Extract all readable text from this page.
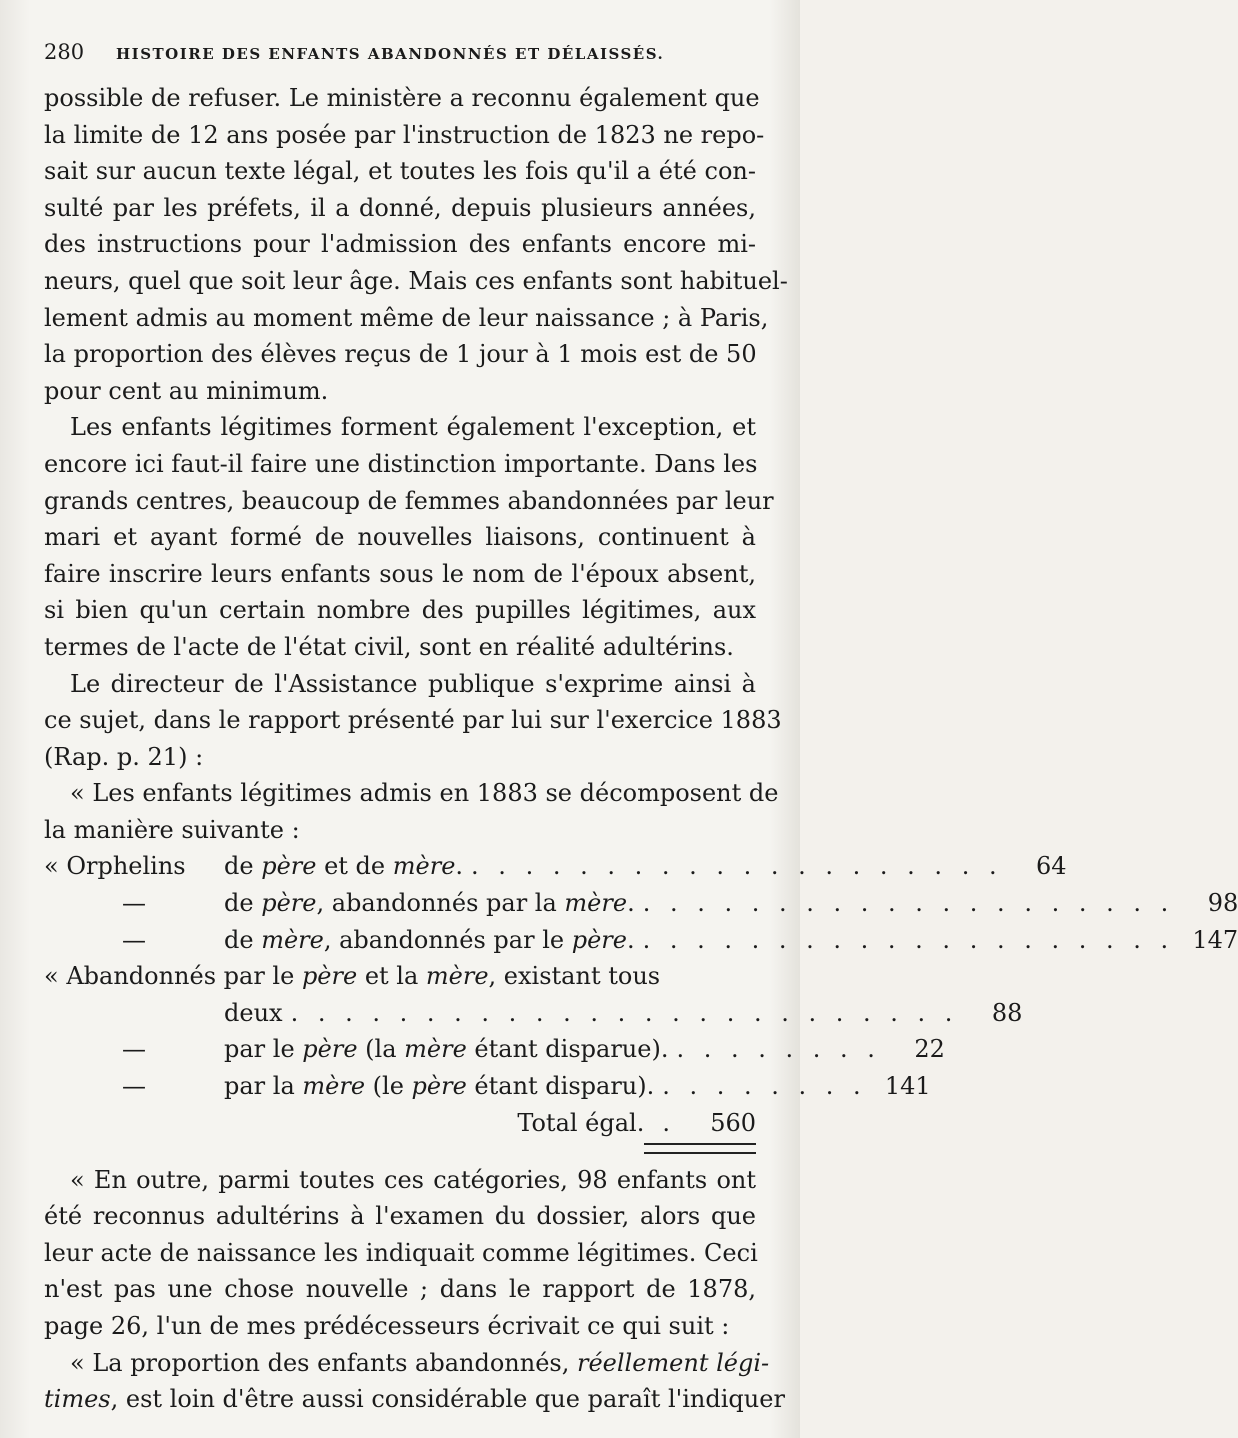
280	HISTOIRE DES ENFANTS ABANDONNÉS ET DÉLAISSÉS.
possible de refuser. Le ministère a reconnu également que
la limite de 12 ans posée par l'instruction de 1823 ne repo-
sait sur aucun texte légal, et toutes les fois qu'il a été con-
sulté par les préfets, il a donné, depuis plusieurs années,
des instructions pour l'admission des enfants encore mi-
neurs, quel que soit leur âge. Mais ces enfants sont habituel-
lement admis au moment même de leur naissance ; à Paris,
la proportion des élèves reçus de 1 jour à 1 mois est de 50
pour cent au minimum.
Les enfants légitimes forment également l'exception, et
encore ici faut-il faire une distinction importante. Dans les
grands centres, beaucoup de femmes abandonnées par leur
mari et ayant formé de nouvelles liaisons, continuent à
faire inscrire leurs enfants sous le nom de l'époux absent,
si bien qu'un certain nombre des pupilles légitimes, aux
termes de l'acte de l'état civil, sont en réalité adultérins.
Le directeur de l'Assistance publique s'exprime ainsi à
ce sujet, dans le rapport présenté par lui sur l'exercice 1883
(Rap. p. 21) :
« Les enfants légitimes admis en 1883 se décomposent de
la manière suivante :
« Orphelins	de père et de mère. . . . . . . . . . . . . . . . . . . . .	64
—	de père, abandonnés par la mère. . . . . . . . . . . . . . . . . . . . .	98
—	de mère, abandonnés par le père. . . . . . . . . . . . . . . . . . . . . 147
« Abandonnés par le père et la mère, existant tous
deux . . . . . . . . . . . . . . . . . . . . . . . . .	88
—	par le père (la mère étant disparue). . . . . . . . .	22
—	par la mère (le père étant disparu). . . . . . . . . 141
Total égal. .	560
« En outre, parmi toutes ces catégories, 98 enfants ont
été reconnus adultérins à l'examen du dossier, alors que
leur acte de naissance les indiquait comme légitimes. Ceci
n'est pas une chose nouvelle ; dans le rapport de 1878,
page 26, l'un de mes prédécesseurs écrivait ce qui suit :
« La proportion des enfants abandonnés, réellement légi-
times, est loin d'être aussi considérable que paraît l'indiquer
